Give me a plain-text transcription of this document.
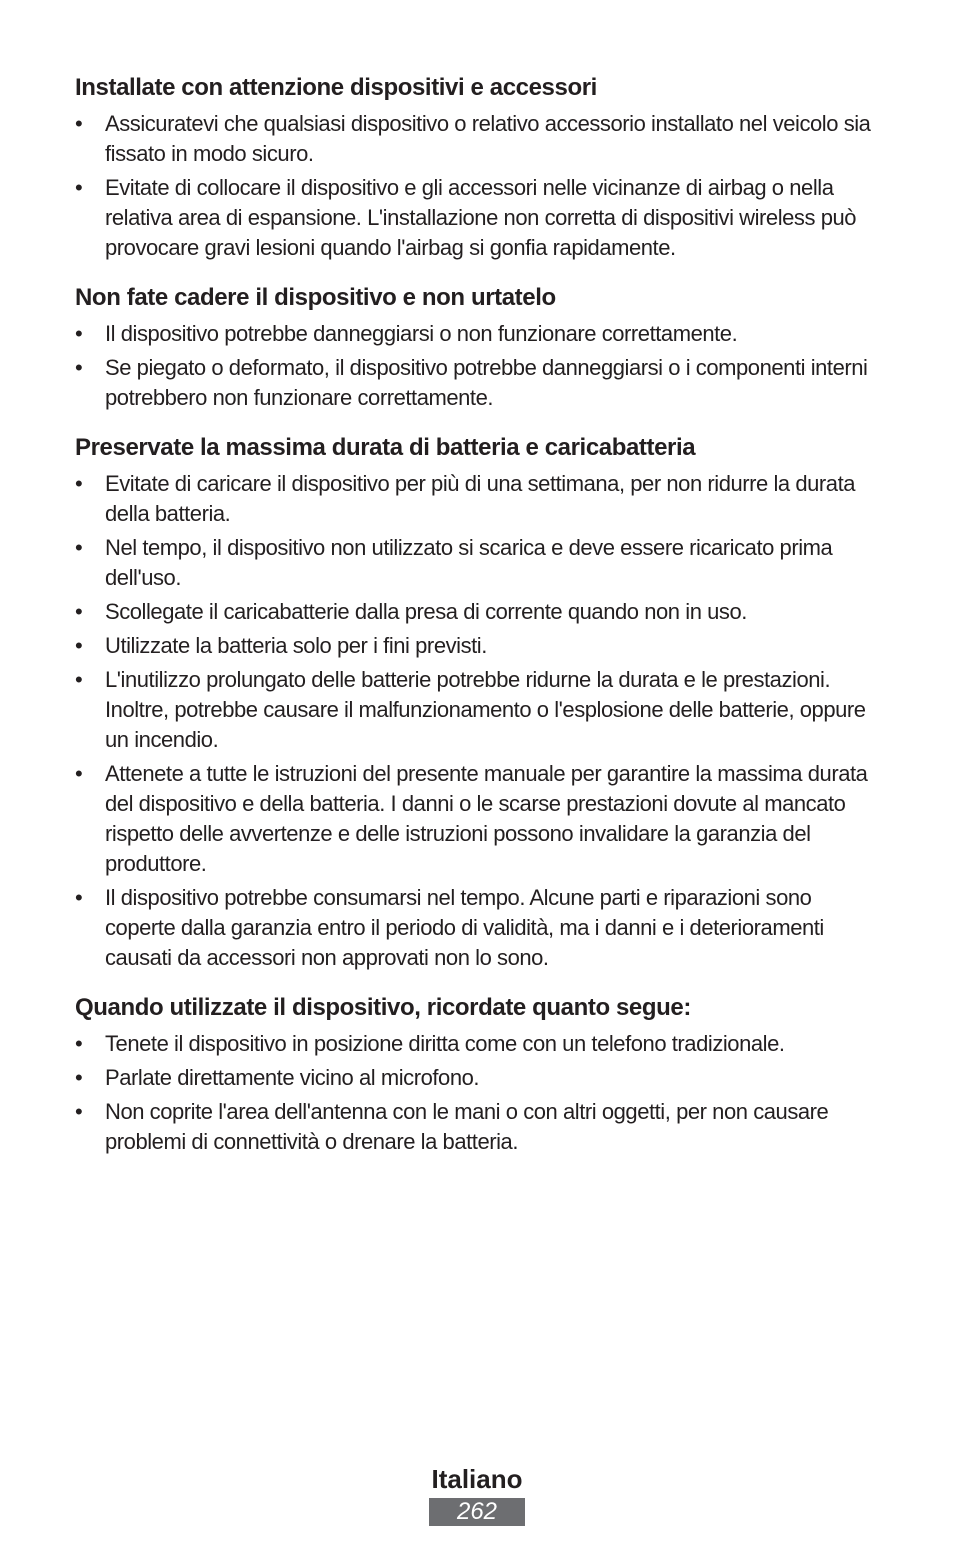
Installate con attenzione dispositivi e accessori
• Assicuratevi che qualsiasi dispositivo o relativo accessorio installato nel veicolo sia fissato in modo sicuro.
• Evitate di collocare il dispositivo e gli accessori nelle vicinanze di airbag o nella relativa area di espansione. L'installazione non corretta di dispositivi wireless può provocare gravi lesioni quando l'airbag si gonfia rapidamente.
Non fate cadere il dispositivo e non urtatelo
• Il dispositivo potrebbe danneggiarsi o non funzionare correttamente.
• Se piegato o deformato, il dispositivo potrebbe danneggiarsi o i componenti interni potrebbero non funzionare correttamente.
Preservate la massima durata di batteria e caricabatteria
• Evitate di caricare il dispositivo per più di una settimana, per non ridurre la durata della batteria.
• Nel tempo, il dispositivo non utilizzato si scarica e deve essere ricaricato prima dell'uso.
• Scollegate il caricabatterie dalla presa di corrente quando non in uso.
• Utilizzate la batteria solo per i fini previsti.
• L'inutilizzo prolungato delle batterie potrebbe ridurne la durata e le prestazioni. Inoltre, potrebbe causare il malfunzionamento o l'esplosione delle batterie, oppure un incendio.
• Attenete a tutte le istruzioni del presente manuale per garantire la massima durata del dispositivo e della batteria. I danni o le scarse prestazioni dovute al mancato rispetto delle avvertenze e delle istruzioni possono invalidare la garanzia del produttore.
• Il dispositivo potrebbe consumarsi nel tempo. Alcune parti e riparazioni sono coperte dalla garanzia entro il periodo di validità, ma i danni e i deterioramenti causati da accessori non approvati non lo sono.
Quando utilizzate il dispositivo, ricordate quanto segue:
• Tenete il dispositivo in posizione diritta come con un telefono tradizionale.
• Parlate direttamente vicino al microfono.
• Non coprite l'area dell'antenna con le mani o con altri oggetti, per non causare problemi di connettività o drenare la batteria.
Italiano
262
